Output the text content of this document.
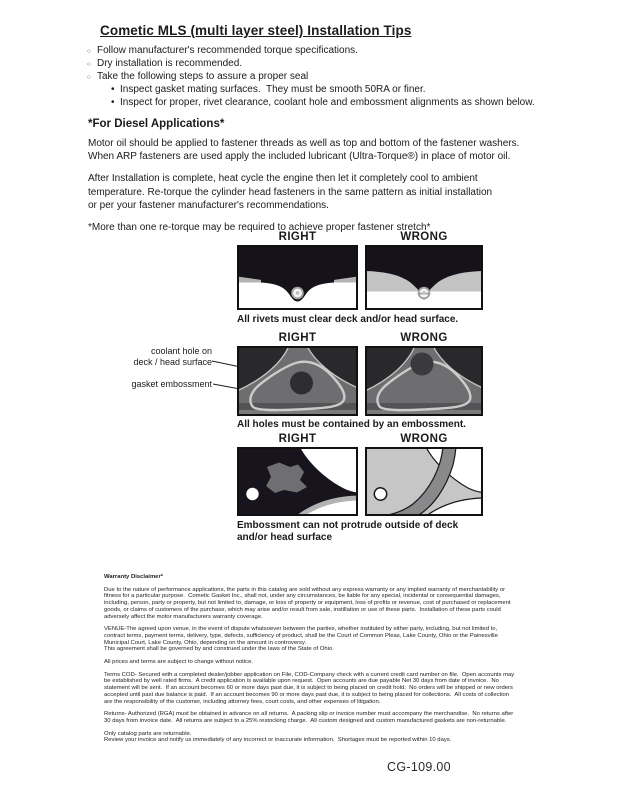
Cometic MLS (multi layer steel) Installation Tips
○ Follow manufacturer's recommended torque specifications.
○ Dry installation is recommended.
○ Take the following steps to assure a proper seal
• Inspect gasket mating surfaces.  They must be smooth 50RA or finer.
• Inspect for proper, rivet clearance, coolant hole and embossment alignments as shown below.
*For Diesel Applications*

Motor oil should be applied to fastener threads as well as top and bottom of the fastener washers.
When ARP fasteners are used apply the included lubricant (Ultra-Torque®) in place of motor oil.

After Installation is complete, heat cycle the engine then let it completely cool to ambient
temperature. Re-torque the cylinder head fasteners in the same pattern as initial installation
or per your fastener manufacturer's recommendations.

*More than one re-torque may be required to achieve proper fastener stretch*

RIGHT	WRONG
All rivets must clear deck and/or head surface.
coolant hole on
deck / head surface
gasket embossment
RIGHT	WRONG
All holes must be contained by an embossment.
RIGHT	WRONG
Embossment can not protrude outside of deck
and/or head surface
Warranty Disclaimer*

Due to the nature of performance applications, the parts in this catalog are sold without any express warranty or any implied warranty of merchantability or
fitness for a particular purpose.  Cometic Gasket Inc., shall not, under any circumstances, be liable for any special, incidental or consequential damages,
including, person, party or property, but not limited to, damage, or loss of property or equipment, loss of profits or revenue, cost of purchased or replacement
goods, or claims of customers of the purchase, which may arise and/or result from sale, instillation or use of these parts.  Installation of these parts could
adversely affect the motor manufacturers warranty coverage.

VENUE-The agreed upon venue, in the event of dispute whatsoever between the parties, whether instituted by either party, including, but not limited to,
contract terms, payment terms, delivery, type, defects, sufficiency of product, shall be the Court of Common Pleas, Lake County, Ohio or the Painesville
Municipal Court, Lake County, Ohio, depending on the amount in controversy.

This agreement shall be governed by and construed under the laws of the State of Ohio.

All prices and terms are subject to change without notice.

Terms COD- Secured with a completed dealer/jobber application on File, COD-Company check with a current credit card number on file.  Open accounts may
be established by well rated firms.  A credit application is available upon request.  Open accounts are due payable Net 30 days from date of invoice.  No
statement will be sent.  If an account becomes 60 or more days past due, it is subject to being placed on credit hold.  No orders will be shipped or new orders
accepted until past due balance is paid.  If an account becomes 90 or more days past due, it is subject to being placed for collections.  All costs of collection
are the responsibility of the customer, including attorney fees, court costs, and other expenses of litigation.

Returns- Authorized (RGA) must be obtained in advance on all returns.  A packing slip or invoice number must accompany the merchandise.  No returns after
30 days from invoice date.  All returns are subject to a 25% restocking charge.  All custom designed and custom manufactured gaskets are non-returnable.

Only catalog parts are returnable.

Review your invoice and notify us immediately of any incorrect or inaccurate information.  Shortages must be reported within 10 days.

CG-109.00
